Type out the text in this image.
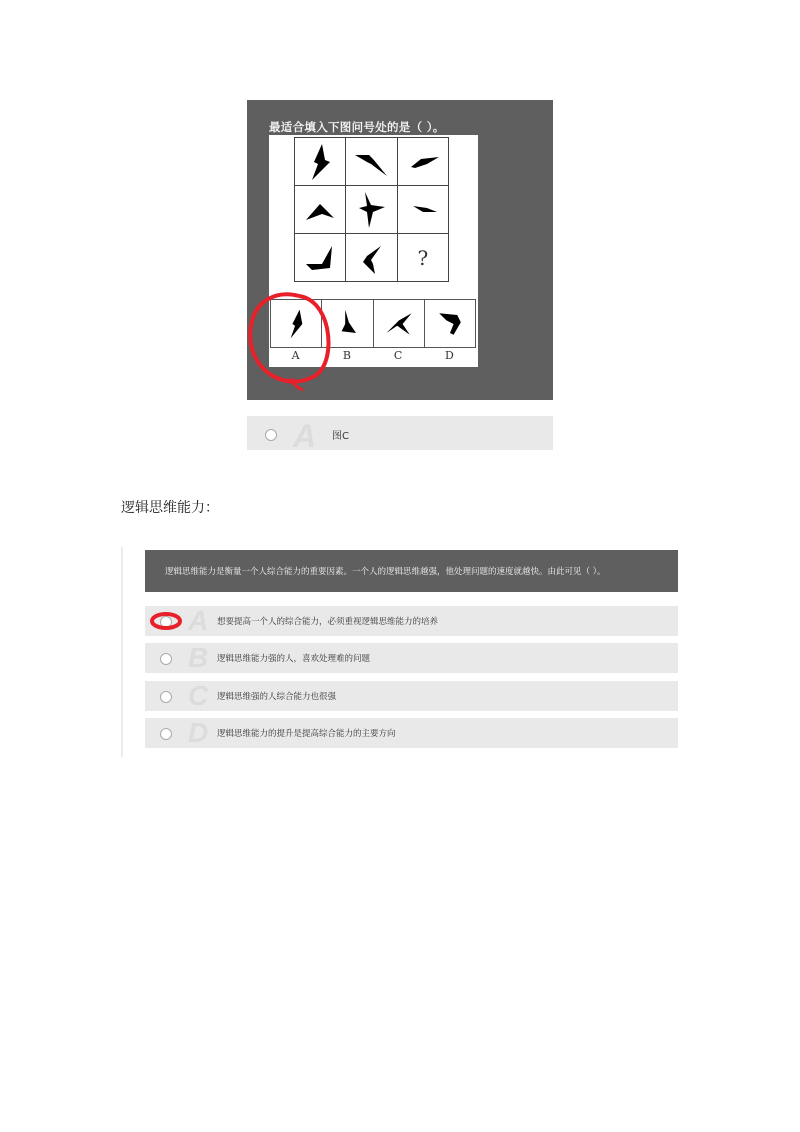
最适合填入下图问号处的是（ ）。
?
A	B	C	D
A 图C
逻辑思维能力：
逻辑思维能力是衡量一个人综合能力的重要因素。一个人的逻辑思维越强，他处理问题的速度就越快。由此可见（ ）。
A 想要提高一个人的综合能力，必须重视逻辑思维能力的培养
B 逻辑思维能力强的人，喜欢处理难的问题
C 逻辑思维强的人综合能力也很强
D 逻辑思维能力的提升是提高综合能力的主要方向
